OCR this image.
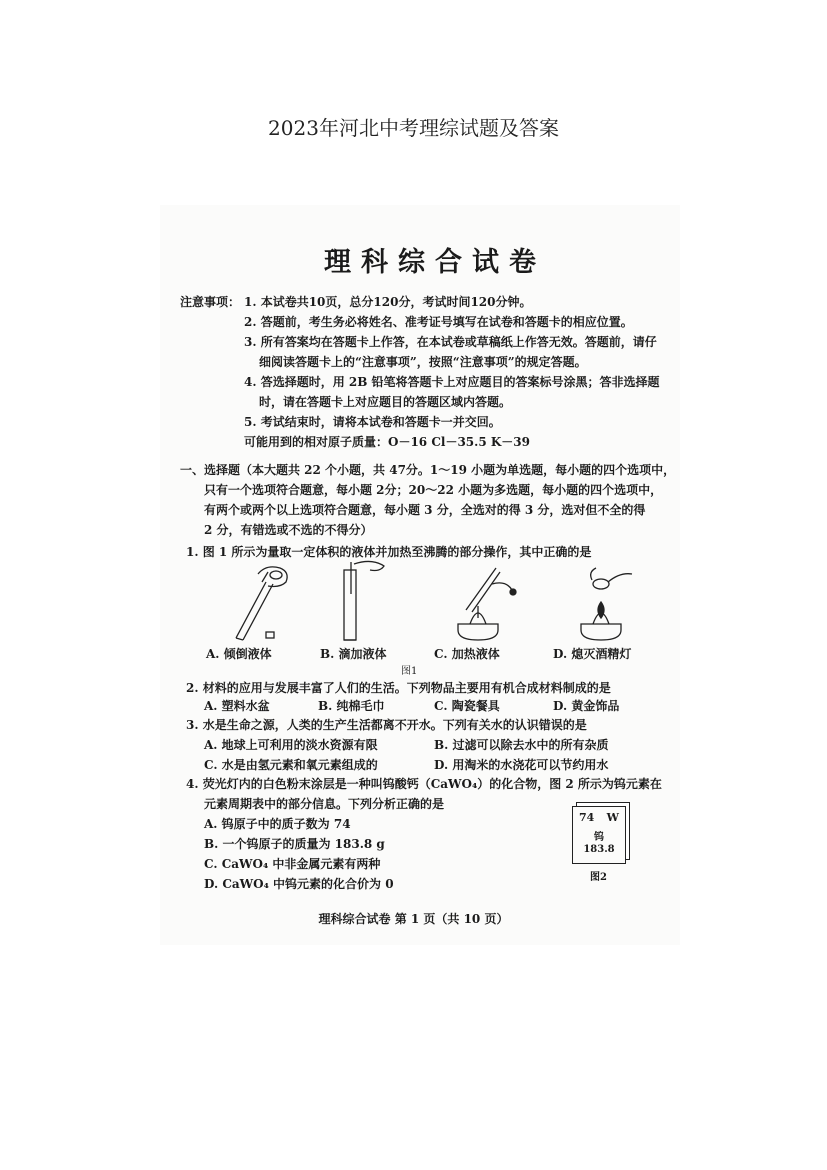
2023年河北中考理综试题及答案
理科综合试卷
注意事项： 1. 本试卷共10页，总分120分，考试时间120分钟。
2. 答题前，考生务必将姓名、准考证号填写在试卷和答题卡的相应位置。
3. 所有答案均在答题卡上作答，在本试卷或草稿纸上作答无效。答题前，请仔
细阅读答题卡上的“注意事项”，按照“注意事项”的规定答题。
4. 答选择题时，用 2B 铅笔将答题卡上对应题目的答案标号涂黑；答非选择题
时，请在答题卡上对应题目的答题区域内答题。
5. 考试结束时，请将本试卷和答题卡一并交回。
可能用到的相对原子质量：O－16 Cl－35.5 K－39
一、选择题（本大题共 22 个小题，共 47分。1～19 小题为单选题，每小题的四个选项中，
只有一个选项符合题意，每小题 2分；20～22 小题为多选题，每小题的四个选项中，
有两个或两个以上选项符合题意，每小题 3 分，全选对的得 3 分，选对但不全的得
2 分，有错选或不选的不得分）
1. 图 1 所示为量取一定体积的液体并加热至沸腾的部分操作，其中正确的是
A. 倾倒液体	B. 滴加液体	C. 加热液体	D. 熄灭酒精灯
图1
2. 材料的应用与发展丰富了人们的生活。下列物品主要用有机合成材料制成的是
A. 塑料水盆	B. 纯棉毛巾	C. 陶瓷餐具	D. 黄金饰品
3. 水是生命之源，人类的生产生活都离不开水。下列有关水的认识错误的是
A. 地球上可利用的淡水资源有限	B. 过滤可以除去水中的所有杂质
C. 水是由氢元素和氧元素组成的	D. 用淘米的水浇花可以节约用水
4. 荧光灯内的白色粉末涂层是一种叫钨酸钙（CaWO₄）的化合物，图 2 所示为钨元素在
元素周期表中的部分信息。下列分析正确的是
A. 钨原子中的质子数为 74
B. 一个钨原子的质量为 183.8 g
C. CaWO₄ 中非金属元素有两种
D. CaWO₄ 中钨元素的化合价为 0
74 W
钨
183.8
图2
理科综合试卷 第 1 页（共 10 页）
